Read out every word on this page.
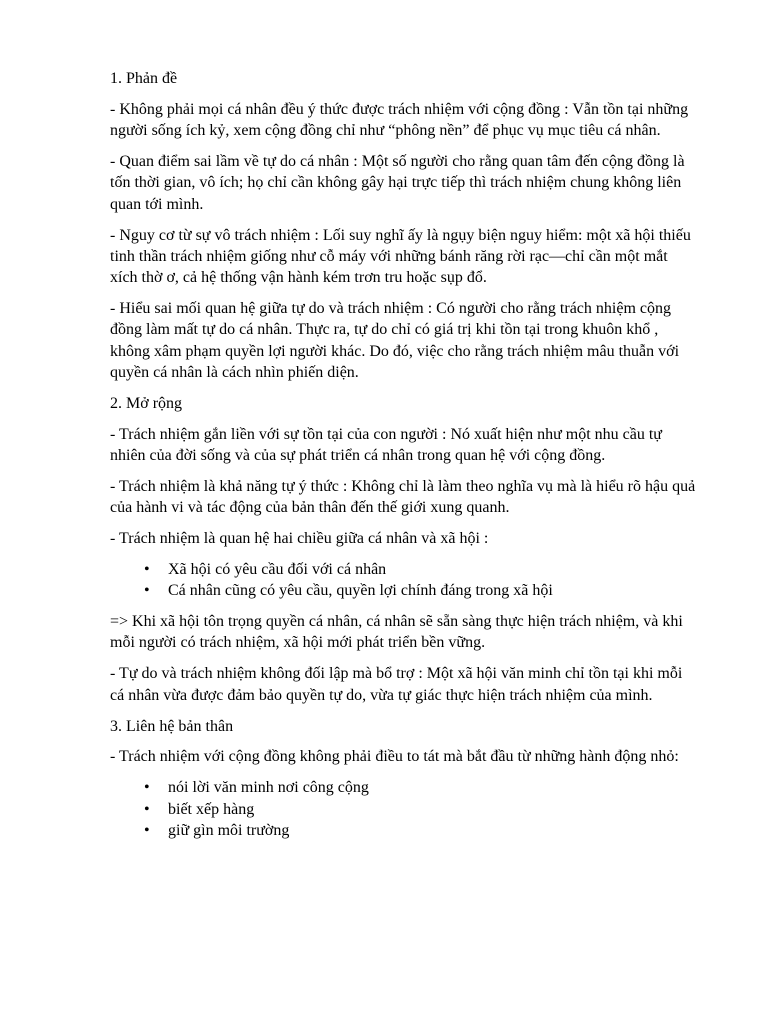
1. Phản đề

- Không phải mọi cá nhân đều ý thức được trách nhiệm với cộng đồng : Vẫn tồn tại những người sống ích kỷ, xem cộng đồng chỉ như “phông nền” để phục vụ mục tiêu cá nhân.

- Quan điểm sai lầm về tự do cá nhân : Một số người cho rằng quan tâm đến cộng đồng là tốn thời gian, vô ích; họ chỉ cần không gây hại trực tiếp thì trách nhiệm chung không liên quan tới mình.

- Nguy cơ từ sự vô trách nhiệm : Lối suy nghĩ ấy là ngụy biện nguy hiểm: một xã hội thiếu tinh thần trách nhiệm giống như cỗ máy với những bánh răng rời rạc—chỉ cần một mắt xích thờ ơ, cả hệ thống vận hành kém trơn tru hoặc sụp đổ.

- Hiểu sai mối quan hệ giữa tự do và trách nhiệm : Có người cho rằng trách nhiệm cộng đồng làm mất tự do cá nhân. Thực ra, tự do chỉ có giá trị khi tồn tại trong khuôn khổ , không xâm phạm quyền lợi người khác. Do đó, việc cho rằng trách nhiệm mâu thuẫn với quyền cá nhân là cách nhìn phiến diện.

2. Mở rộng

- Trách nhiệm gắn liền với sự tồn tại của con người : Nó xuất hiện như một nhu cầu tự nhiên của đời sống và của sự phát triển cá nhân trong quan hệ với cộng đồng.

- Trách nhiệm là khả năng tự ý thức : Không chỉ là làm theo nghĩa vụ mà là hiểu rõ hậu quả của hành vi và tác động của bản thân đến thế giới xung quanh.

- Trách nhiệm là quan hệ hai chiều giữa cá nhân và xã hội :

•	Xã hội có yêu cầu đối với cá nhân
•	Cá nhân cũng có yêu cầu, quyền lợi chính đáng trong xã hội

=> Khi xã hội tôn trọng quyền cá nhân, cá nhân sẽ sẵn sàng thực hiện trách nhiệm, và khi mỗi người có trách nhiệm, xã hội mới phát triển bền vững.

- Tự do và trách nhiệm không đối lập mà bổ trợ : Một xã hội văn minh chỉ tồn tại khi mỗi cá nhân vừa được đảm bảo quyền tự do, vừa tự giác thực hiện trách nhiệm của mình.

3. Liên hệ bản thân

- Trách nhiệm với cộng đồng không phải điều to tát mà bắt đầu từ những hành động nhỏ:

•	nói lời văn minh nơi công cộng
•	biết xếp hàng
•	giữ gìn môi trường
